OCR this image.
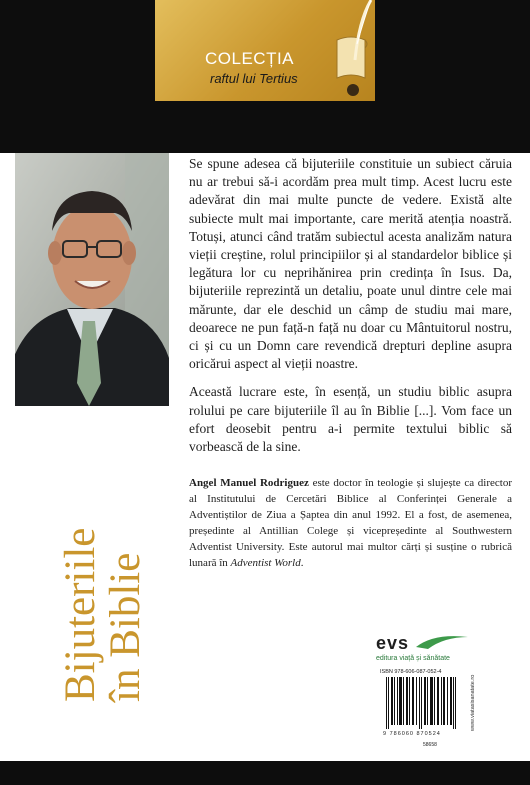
COLECȚIA
raftul lui Tertius
Bijuteriile
în Biblie

Se spune adesea că bijuteriile constituie un subiect căruia nu ar trebui să-i acordăm prea mult timp. Acest lucru este adevărat din mai multe puncte de vedere. Există alte subiecte mult mai importante, care merită atenția noastră. Totuși, atunci când tratăm subiectul acesta analizăm natura vieții creștine, rolul principiilor și al standardelor biblice și legătura lor cu neprihănirea prin credința în Isus. Da, bijuteriile reprezintă un detaliu, poate unul dintre cele mai mărunte, dar ele deschid un câmp de studiu mai mare, deoarece ne pun față-n față nu doar cu Mântuitorul nostru, ci și cu un Domn care revendică drepturi depline asupra oricărui aspect al vieții noastre.

Această lucrare este, în esență, un studiu biblic asupra rolului pe care bijuteriile îl au în Biblie [...]. Vom face un efort deosebit pentru a-i permite textului biblic să vorbească de la sine.

Angel Manuel Rodriguez este doctor în teologie și slujește ca director al Institutului de Cercetări Biblice al Conferinței Generale a Adventiștilor de Ziua a Șaptea din anul 1992. El a fost, de asemenea, președinte al Antillian Colege și vicepreședinte al Southwestern Adventist University. Este autorul mai multor cărți și susține o rubrică lunară în Adventist World.

evs
editura viață și sănătate
ISBN 978-606-087-052-4
9 786060 870524
58658
www.viatasisanatate.ro
